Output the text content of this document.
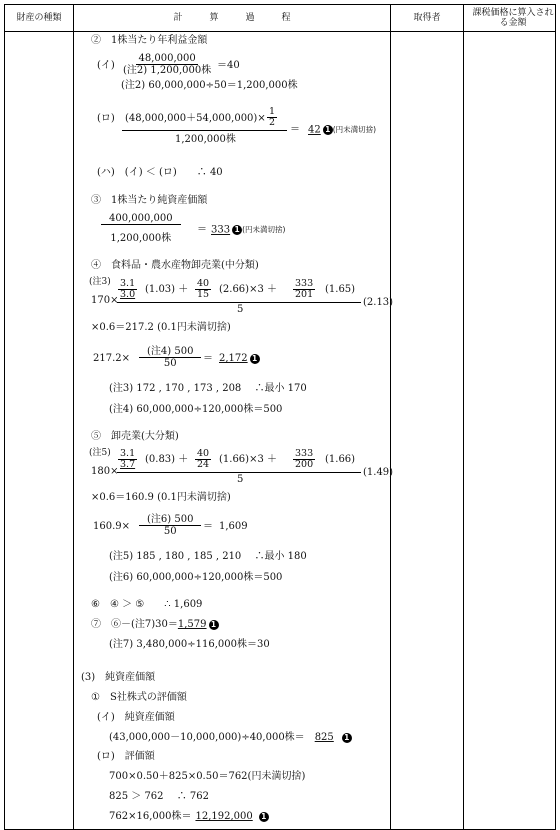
財産の種類	計　　　算　　　過　　　程	取得者	課税価格に算入される金額
②　1株当たり年利益金額
(イ)
48,000,000
(注2) 1,200,000株 ＝40
(注2) 60,000,000÷50＝1,200,000株
(ロ) $(48,000,000+54,000,000)\times \frac{1}{2}$
1,200,000株
＝ 42 1 (円未満切捨)
(ハ)　(イ) ＜ (ロ)　　∴ 40
③　1株当たり純資産価額
400,000,000
1,200,000株
＝ 333 1 (円未満切捨)
④　食料品・農水産物卸売業(中分類)
(注3)
170×
$\frac{3.1}{3.0} (1.03) + \frac{40}{15} (2.66)\times 3 + \frac{333}{201} (1.65)$
5
(2.13)
×0.6＝217.2 (0.1円未満切捨)
217.2×
(注4) 500
50	＝ 2,172 1
(注3) 172 , 170 , 173 , 208　 ∴最小 170
(注4) 60,000,000÷120,000株＝500
⑤　卸売業(大分類)
(注5)
180×
$\frac{3.1}{3.7} (0.83) + \frac{40}{24} (1.66)\times 3 + \frac{333}{200} (1.66)$
5
(1.49)
×0.6＝160.9 (0.1円未満切捨)
160.9×
(注6) 500
50	＝ 1,609
(注5) 185 , 180 , 185 , 210　 ∴最小 180
(注6) 60,000,000÷120,000株＝500
⑥　④ ＞ ⑤　　∴ 1,609
⑦　⑥－(注7)30＝1,579 1
(注7) 3,480,000÷116,000株＝30
(3)　純資産価額
①　S社株式の評価額
(イ)　純資産価額
(43,000,000－10,000,000)÷40,000株＝ 825 1
(ロ)　評価額
700×0.50＋825×0.50＝762(円未満切捨)
825 ＞ 762　 ∴ 762
762×16,000株＝ 12,192,000 1
